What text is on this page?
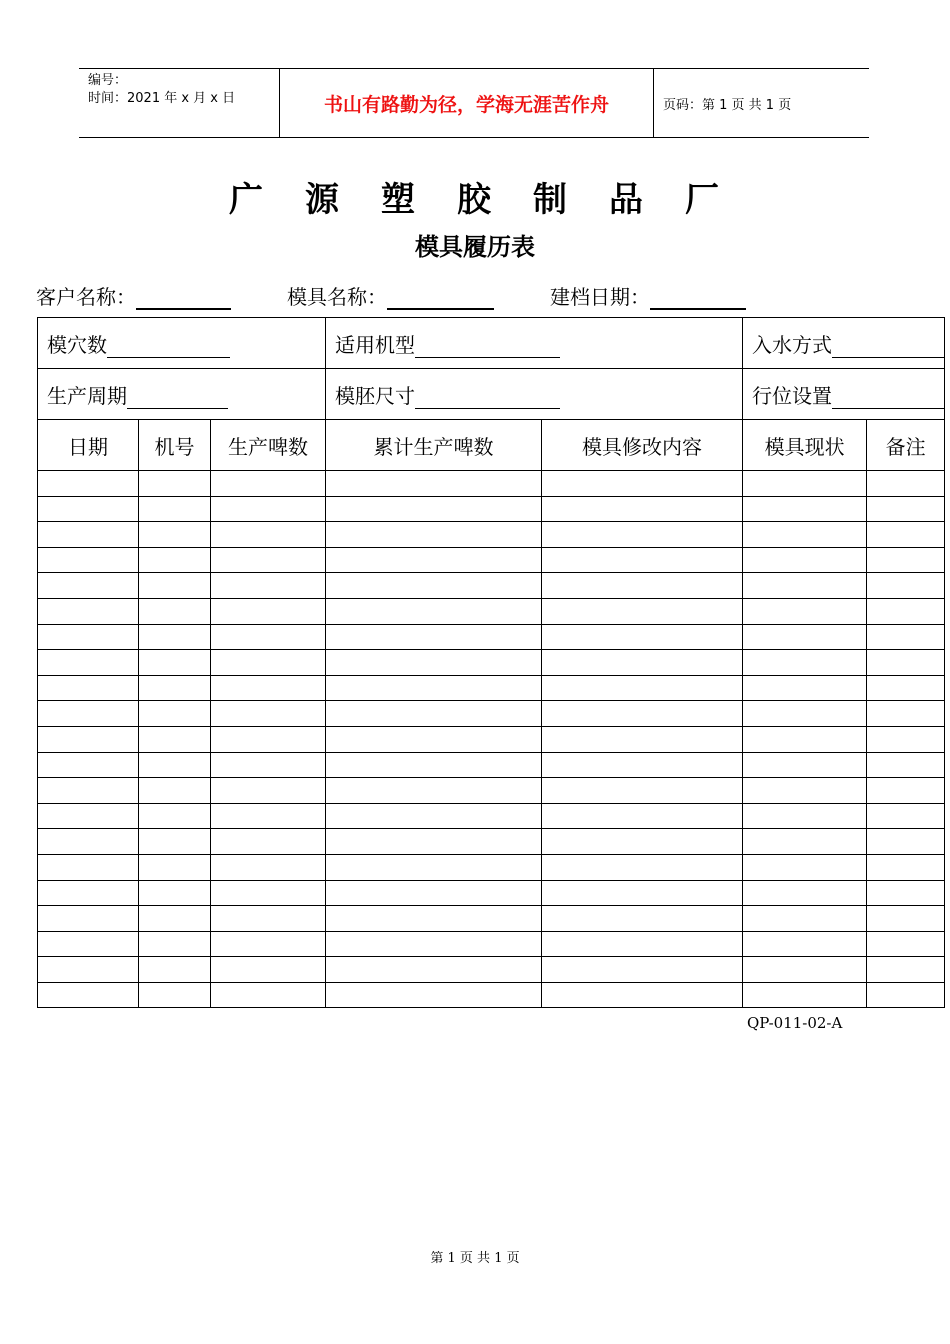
编号：
时间：2021 年 x 月 x 日	书山有路勤为径，学海无涯苦作舟	页码：第 1 页 共 1 页
广源塑胶制品厂
模具履历表
客户名称：	模具名称：	建档日期：
模穴数			适用机型		入水方式	
生产周期			模胚尺寸		行位设置	
日期	机号	生产啤数	累计生产啤数	模具修改内容	模具现状	备注

QP-011-02-A
第 1 页 共 1 页
